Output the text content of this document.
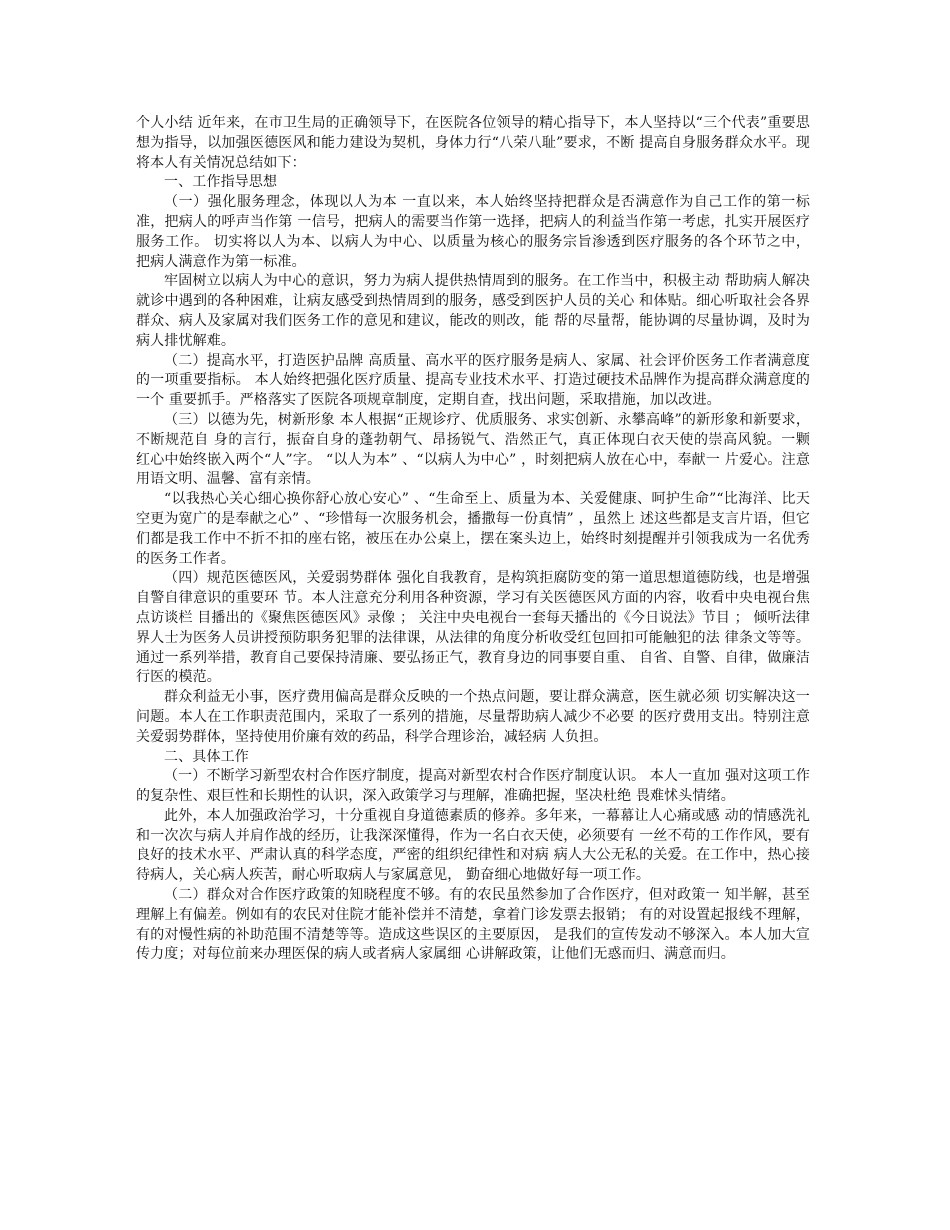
个人小结 近年来，在市卫生局的正确领导下，在医院各位领导的精心指导下，本人坚持以“三个代表”重要思想为指导，以加强医德医风和能力建设为契机，身体力行“八荣八耻”要求，不断 提高自身服务群众水平。现将本人有关情况总结如下：

一、工作指导思想

（一）强化服务理念，体现以人为本 一直以来，本人始终坚持把群众是否满意作为自己工作的第一标准，把病人的呼声当作第 一信号，把病人的需要当作第一选择，把病人的利益当作第一考虑，扎实开展医疗服务工作。 切实将以人为本、以病人为中心、以质量为核心的服务宗旨渗透到医疗服务的各个环节之中， 把病人满意作为第一标准。

牢固树立以病人为中心的意识，努力为病人提供热情周到的服务。在工作当中，积极主动 帮助病人解决就诊中遇到的各种困难，让病友感受到热情周到的服务，感受到医护人员的关心 和体贴。细心听取社会各界群众、病人及家属对我们医务工作的意见和建议，能改的则改，能 帮的尽量帮，能协调的尽量协调，及时为病人排忧解难。

（二）提高水平，打造医护品牌 高质量、高水平的医疗服务是病人、家属、社会评价医务工作者满意度的一项重要指标。 本人始终把强化医疗质量、提高专业技术水平、打造过硬技术品牌作为提高群众满意度的一个 重要抓手。严格落实了医院各项规章制度，定期自查，找出问题，采取措施，加以改进。

（三）以德为先，树新形象 本人根据“正规诊疗、优质服务、求实创新、永攀高峰”的新形象和新要求，不断规范自 身的言行，振奋自身的蓬勃朝气、昂扬锐气、浩然正气，真正体现白衣天使的崇高风貌。一颗 红心中始终嵌入两个“人”字。 “以人为本” 、“以病人为中心” ，时刻把病人放在心中，奉献一 片爱心。注意用语文明、温馨、富有亲情。

“以我热心关心细心换你舒心放心安心” 、“生命至上、质量为本、关爱健康、呵护生命”“比海洋、比天空更为宽广的是奉献之心” 、“珍惜每一次服务机会，播撒每一份真情” ，虽然上 述这些都是支言片语，但它们都是我工作中不折不扣的座右铭，被压在办公桌上，摆在案头边上，始终时刻提醒并引领我成为一名优秀的医务工作者。

（四）规范医德医风，关爱弱势群体 强化自我教育，是构筑拒腐防变的第一道思想道德防线，也是增强自警自律意识的重要环 节。本人注意充分利用各种资源，学习有关医德医风方面的内容，收看中央电视台焦点访谈栏 目播出的《聚焦医德医风》录像 ； 关注中央电视台一套每天播出的《今日说法》节目 ； 倾听法律 界人士为医务人员讲授预防职务犯罪的法律课，从法律的角度分析收受红包回扣可能触犯的法 律条文等等。通过一系列举措，教育自己要保持清廉、要弘扬正气，教育身边的同事要自重、 自省、自警、自律，做廉洁行医的模范。

群众利益无小事，医疗费用偏高是群众反映的一个热点问题，要让群众满意，医生就必须 切实解决这一问题。本人在工作职责范围内，采取了一系列的措施，尽量帮助病人减少不必要 的医疗费用支出。特别注意关爱弱势群体，坚持使用价廉有效的药品，科学合理诊治，减轻病 人负担。

二、具体工作

（一）不断学习新型农村合作医疗制度，提高对新型农村合作医疗制度认识。 本人一直加 强对这项工作的复杂性、艰巨性和长期性的认识，深入政策学习与理解，准确把握，坚决杜绝 畏难怵头情绪。

此外，本人加强政治学习，十分重视自身道德素质的修养。多年来，一幕幕让人心痛或感 动的情感洗礼和一次次与病人并肩作战的经历，让我深深懂得，作为一名白衣天使，必须要有 一丝不苟的工作作风，要有良好的技术水平、严肃认真的科学态度，严密的组织纪律性和对病 病人大公无私的关爱。在工作中，热心接待病人，关心病人疾苦，耐心听取病人与家属意见， 勤奋细心地做好每一项工作。

（二）群众对合作医疗政策的知晓程度不够。有的农民虽然参加了合作医疗，但对政策一 知半解，甚至理解上有偏差。例如有的农民对住院才能补偿并不清楚，拿着门诊发票去报销； 有的对设置起报线不理解，有的对慢性病的补助范围不清楚等等。造成这些误区的主要原因， 是我们的宣传发动不够深入。本人加大宣传力度；对每位前来办理医保的病人或者病人家属细 心讲解政策，让他们无惑而归、满意而归。
